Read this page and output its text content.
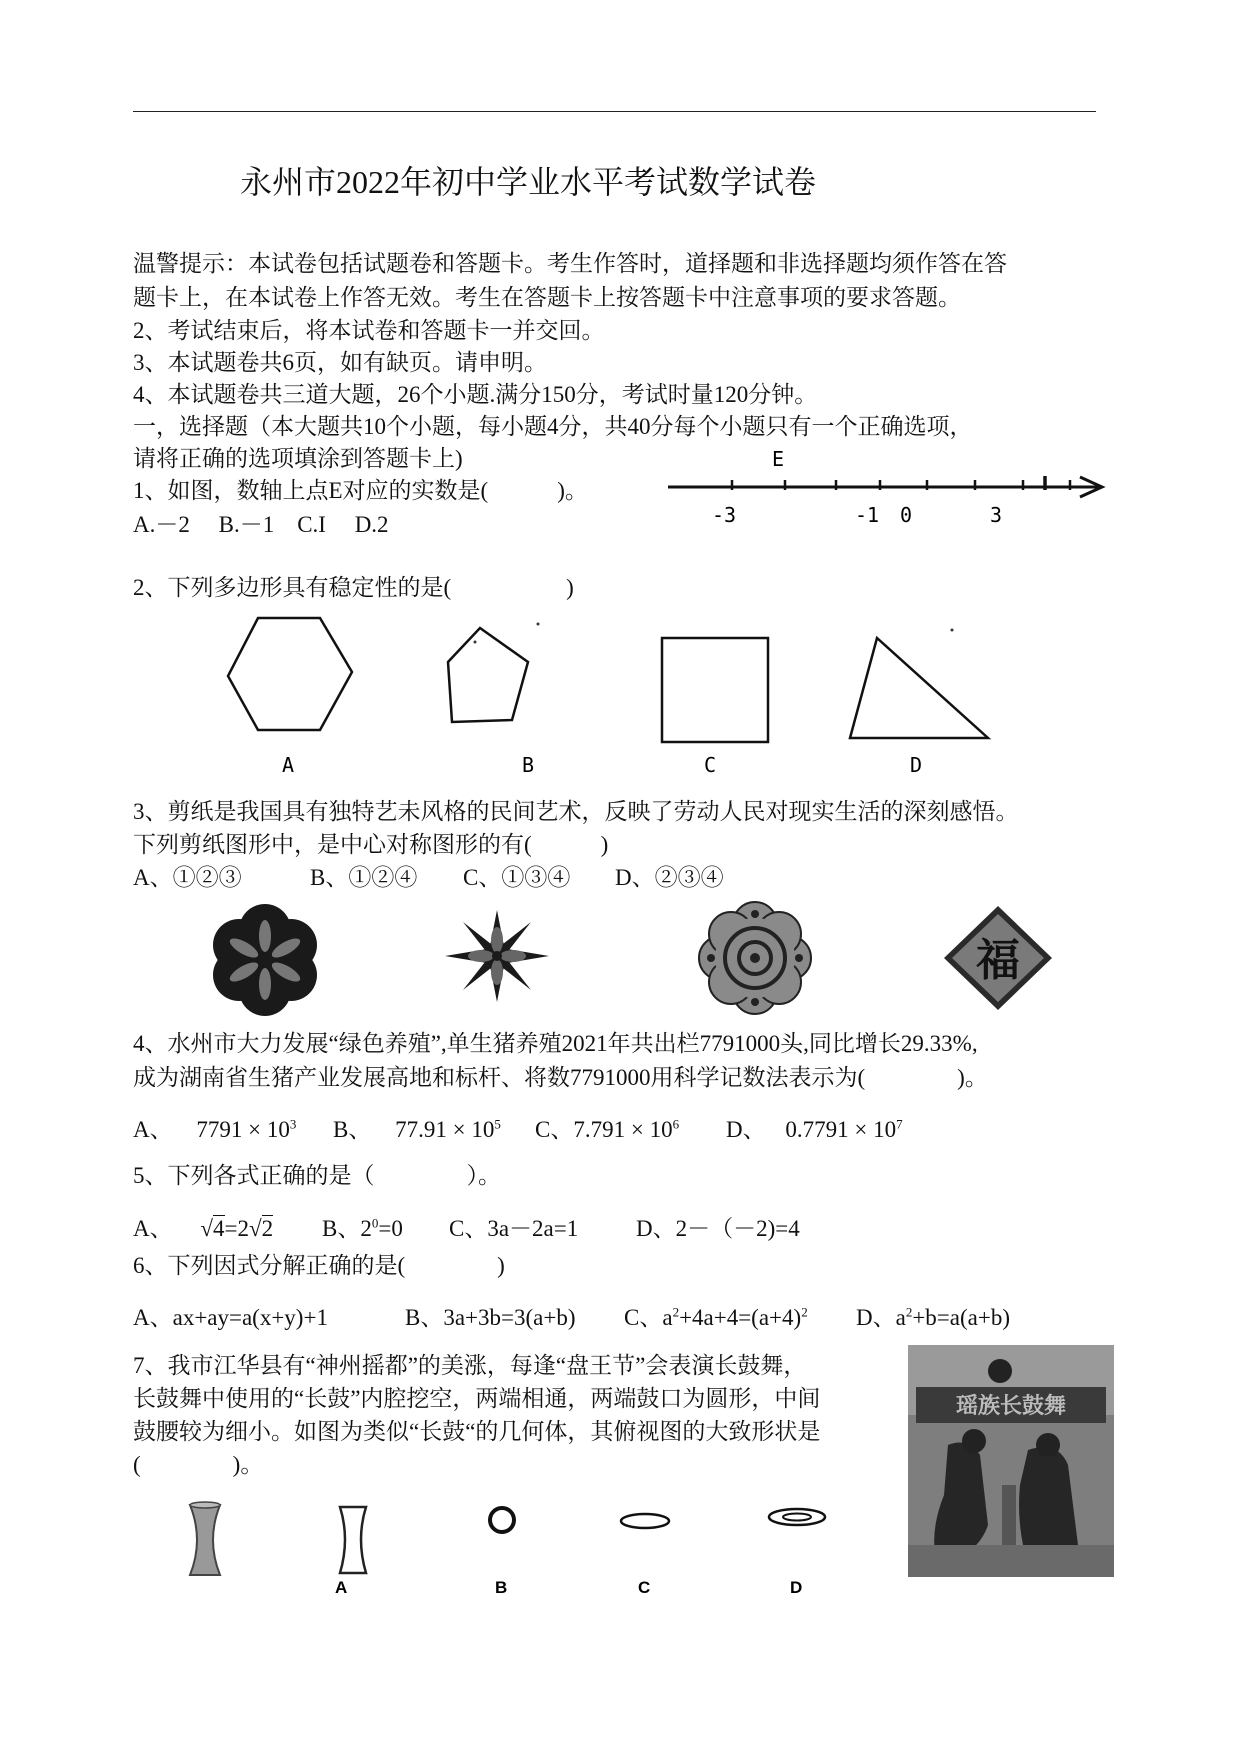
永州市2022年初中学业水平考试数学试卷
温警提示：本试卷包括试题卷和答题卡。考生作答时，道择题和非选择题均须作答在答
题卡上，在本试卷上作答无效。考生在答题卡上按答题卡中注意事项的要求答题。
2、考试结束后，将本试卷和答题卡一并交回。
3、本试题卷共6页，如有缺页。请申明。
4、本试题卷共三道大题，26个小题.满分150分，考试时量120分钟。
一，选择题（本大题共10个小题，每小题4分，共40分每个小题只有一个正确选项，
请将正确的选项填涂到答题卡上)
1、如图，数轴上点E对应的实数是(　　　)。
A.－2　 B.－1　C.I　 D.2
E
-3	-1 0	3
2、下列多边形具有稳定性的是(　　　　　)
A	B	C	D
3、剪纸是我国具有独特艺未风格的民间艺术，反映了劳动人民对现实生活的深刻感悟。
下列剪纸图形中，是中心对称图形的有(　　　)
A、①②③	B、①②④ C、①③④ D、②③④
福
4、水州市大力发展“绿色养殖”,单生猪养殖2021年共出栏7791000头,同比增长29.33%,
成为湖南省生猪产业发展高地和标杆、将数7791000用科学记数法表示为(　　　　)。
A、 $7791 \times 10^3$ B、 $77.91 \times 10^5$ C、$7.791 \times 10^6$ D、 $0.7791 \times 10^7$
5、下列各式正确的是（　　　　）。
A、 √4=2√2 B、$2^0=0$ C、3a－2a=1	D、2－（－2)=4
6、下列因式分解正确的是(　　　　)
A、ax+ay=a(x+y)+1	B、3a+3b=3(a+b) C、$a^2+4a+4=(a+4)^2$ D、$a^2+b=a(a+b)$
7、我市江华县有“神州摇都”的美涨，每逢“盘王节”会表演长鼓舞，
长鼓舞中使用的“长鼓”内腔挖空，两端相通，两端鼓口为圆形，中间
鼓腰较为细小。如图为类似“长鼓“的几何体，其俯视图的大致形状是
(　　　　)。
A	B	C	D
瑶族长鼓舞
